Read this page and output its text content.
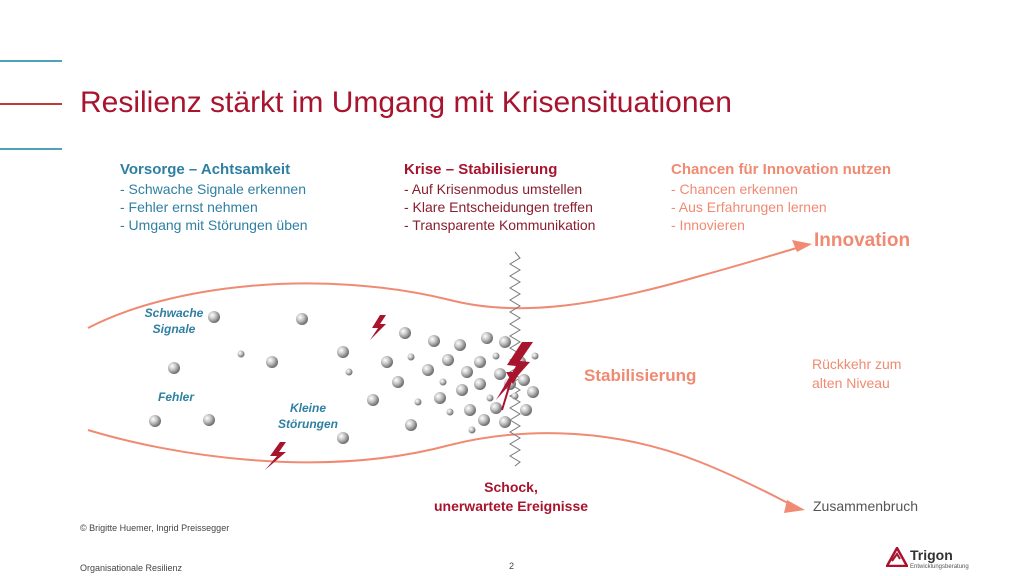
Resilienz stärkt im Umgang mit Krisensituationen
Vorsorge – Achtsamkeit
- Schwache Signale erkennen
- Fehler ernst nehmen
- Umgang mit Störungen üben
Krise – Stabilisierung
- Auf Krisenmodus umstellen
- Klare Entscheidungen treffen
- Transparente Kommunikation
Chancen für Innovation nutzen
- Chancen erkennen
- Aus Erfahrungen lernen
- Innovieren
Schwache
Signale
Fehler
Kleine
Störungen
Innovation
Stabilisierung
Rückkehr zum
alten Niveau
Zusammenbruch
Schock,
unerwartete Ereignisse
© Brigitte Huemer, Ingrid Preissegger
Organisationale Resilienz	2
Trigon
Entwicklungsberatung
